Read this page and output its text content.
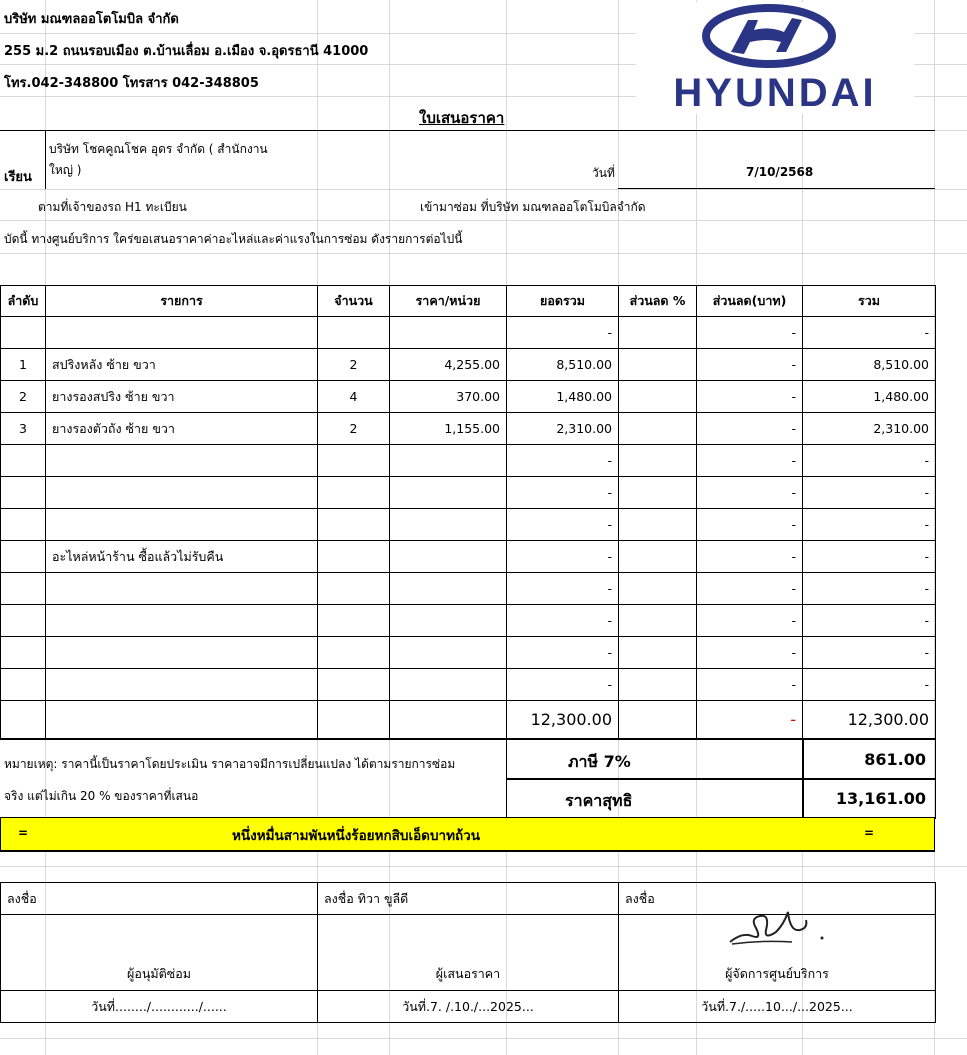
บริษัท มณฑลออโตโมบิล จำกัด
255 ม.2 ถนนรอบเมือง ต.บ้านเลื่อม อ.เมือง จ.อุดรธานี 41000
โทร.042-348800 โทรสาร 042-348805	HYUNDAI
ใบเสนอราคา
เรียน
บริษัท โชคคูณโชค อุดร จำกัด ( สำนักงาน
ใหญ่ )	วันที่	7/10/2568
ตามที่เจ้าของรถ H1 ทะเบียน	เข้ามาซ่อม ที่บริษัท มณฑลออโตโมบิลจำกัด
บัดนี้ ทางศูนย์บริการ ใคร่ขอเสนอราคาค่าอะไหล่และค่าแรงในการซ่อม ดังรายการต่อไปนี้
ลำดับ	รายการ	จำนวน	ราคา/หน่วย	ยอดรวม	ส่วนลด %	ส่วนลด(บาท)	รวม
				-		-	-
1	สปริงหลัง ซ้าย ขวา	2	4,255.00	8,510.00		-	8,510.00
2	ยางรองสปริง ซ้าย ขวา	4	370.00	1,480.00		-	1,480.00
3	ยางรองตัวถัง ซ้าย ขวา	2	1,155.00	2,310.00		-	2,310.00
				-		-	-
				-		-	-
				-		-	-
	อะไหล่หน้าร้าน ซื้อแล้วไม่รับคืน			-		-	-
				-		-	-
				-		-	-
				-		-	-
				-		-	-
				12,300.00		-	12,300.00
หมายเหตุ: ราคานี้เป็นราคาโดยประเมิน ราคาอาจมีการเปลี่ยนแปลง ได้ตามรายการซ่อม
จริง แต่ไม่เกิน 20 % ของราคาที่เสนอ
ภาษี 7%	861.00
ราคาสุทธิ	13,161.00
=	หนึ่งหมื่นสามพันหนึ่งร้อยหกสิบเอ็ดบาทถ้วน	=
ลงชื่อ	ลงชื่อ ทิวา ขูลีดี	ลงชื่อ
ผู้อนุมัติซ่อม	ผู้เสนอราคา	ผู้จัดการศูนย์บริการ
วันที่......../............/......	วันที่.7. /.10./...2025...	วันที่.7./.....10.../...2025...
